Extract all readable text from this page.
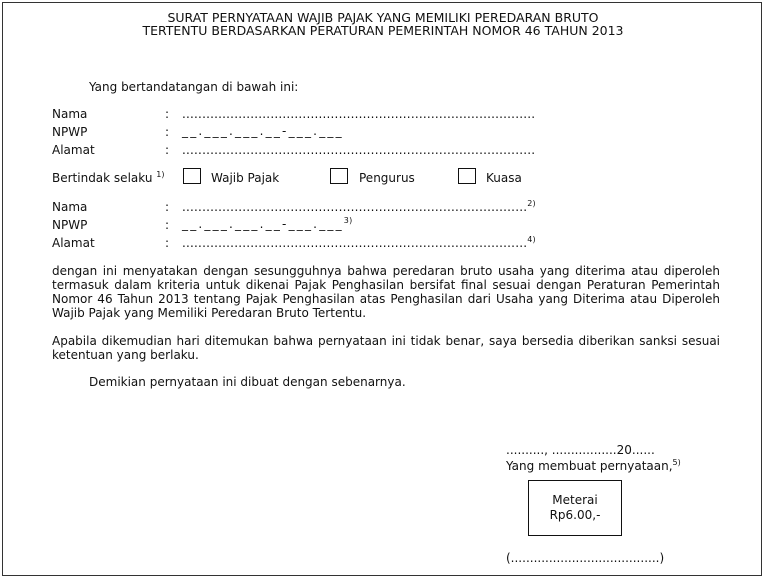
SURAT PERNYATAAN WAJIB PAJAK YANG MEMILIKI PEREDARAN BRUTO
TERTENTU BERDASARKAN PERATURAN PEMERINTAH NOMOR 46 TAHUN 2013
Yang bertandatangan di bawah ini:
Nama	: ........................................................................................
NPWP	: __.___.___.__-___.___
Alamat	: ........................................................................................
Bertindak selaku $^{1)}$	Wajib Pajak	Pengurus	Kuasa
Nama	: ......................................................................................$^{2)}$
NPWP	: __.___.___.__-___.___$^{3)}$
Alamat	: ......................................................................................$^{4)}$
dengan ini menyatakan dengan sesungguhnya bahwa peredaran bruto usaha yang diterima atau diperoleh termasuk dalam kriteria untuk dikenai Pajak Penghasilan bersifat final sesuai dengan Peraturan Pemerintah Nomor 46 Tahun 2013 tentang Pajak Penghasilan atas Penghasilan dari Usaha yang Diterima atau Diperoleh Wajib Pajak yang Memiliki Peredaran Bruto Tertentu.
Apabila dikemudian hari ditemukan bahwa pernyataan ini tidak benar, saya bersedia diberikan sanksi sesuai ketentuan yang berlaku.
Demikian pernyataan ini dibuat dengan sebenarnya.
.........., .................20......
Yang membuat pernyataan,$^{5)}$
Meterai
Rp6.00,-
(.......................................)
